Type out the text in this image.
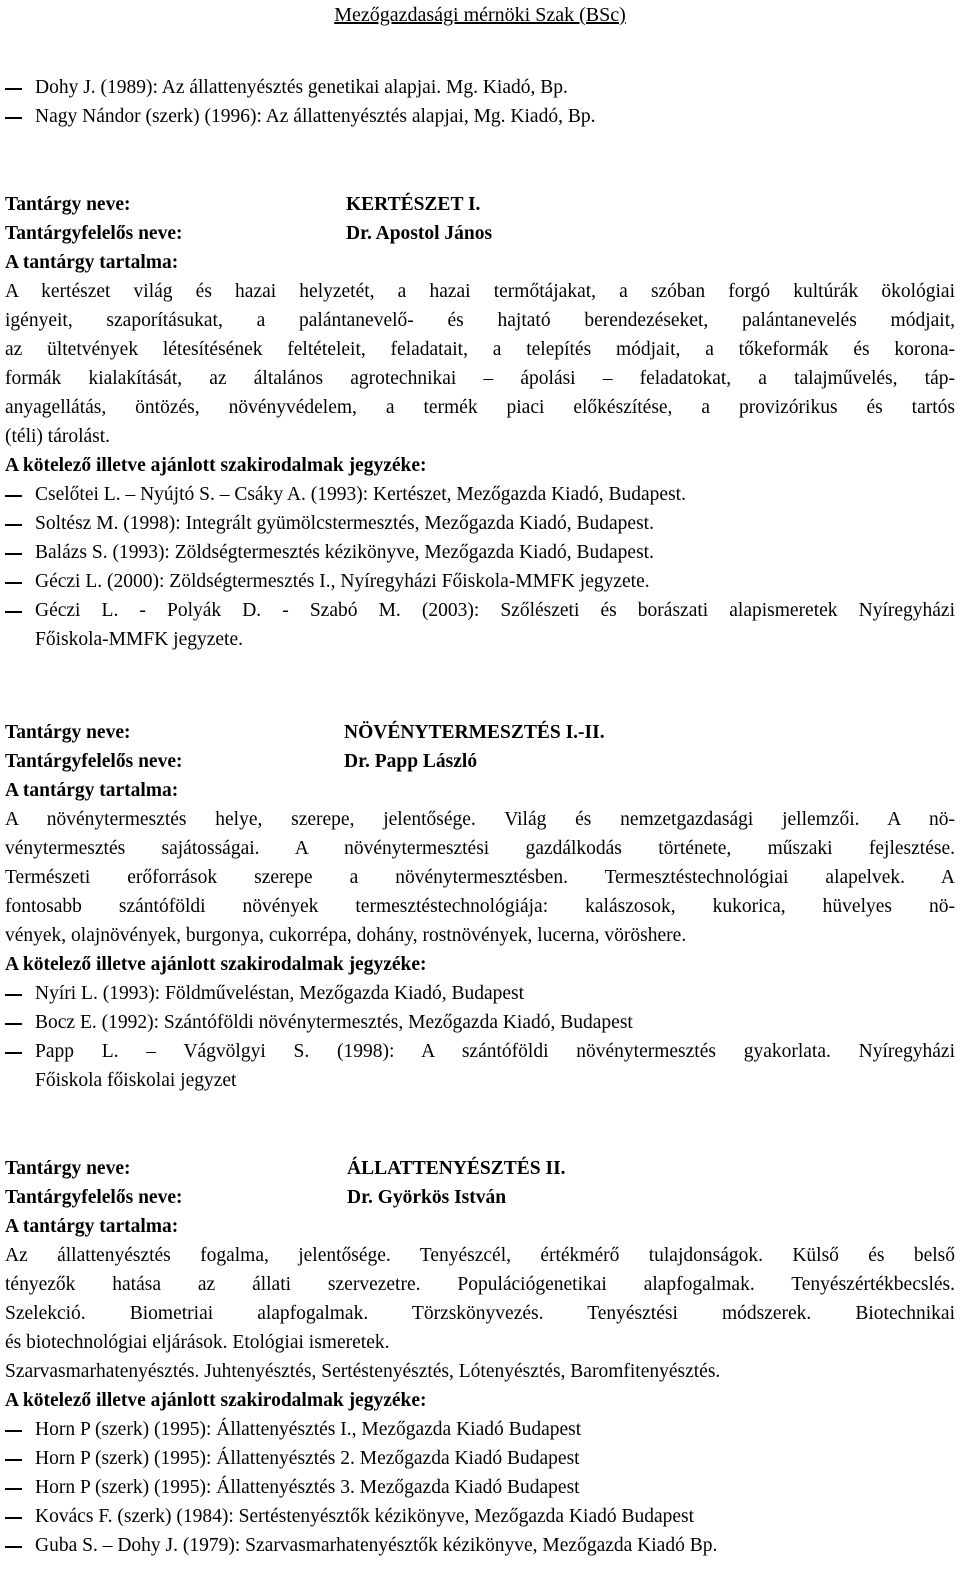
Mezőgazdasági mérnöki Szak (BSc)
Dohy J. (1989): Az állattenyésztés genetikai alapjai. Mg. Kiadó, Bp.
Nagy Nándor (szerk) (1996): Az állattenyésztés alapjai, Mg. Kiadó, Bp.
Tantárgy neve:	KERTÉSZET I.
Tantárgyfelelős neve:	Dr. Apostol János
A tantárgy tartalma:
A kertészet világ és hazai helyzetét, a hazai termőtájakat, a szóban forgó kultúrák ökológiai
igényeit, szaporításukat, a palántanevelő- és hajtató berendezéseket, palántanevelés módjait,
az ültetvények létesítésének feltételeit, feladatait, a telepítés módjait, a tőkeformák és korona-
formák kialakítását, az általános agrotechnikai – ápolási – feladatokat, a talajművelés, táp-
anyagellátás, öntözés, növényvédelem, a termék piaci előkészítése, a provizórikus és tartós
(téli) tárolást.
A kötelező illetve ajánlott szakirodalmak jegyzéke:
Cselőtei L. – Nyújtó S. – Csáky A. (1993): Kertészet, Mezőgazda Kiadó, Budapest.
Soltész M. (1998): Integrált gyümölcstermesztés, Mezőgazda Kiadó, Budapest.
Balázs S. (1993): Zöldségtermesztés kézikönyve, Mezőgazda Kiadó, Budapest.
Géczi L. (2000): Zöldségtermesztés I., Nyíregyházi Főiskola-MMFK jegyzete.
Géczi L. - Polyák D. - Szabó M. (2003): Szőlészeti és borászati alapismeretek Nyíregyházi
Főiskola-MMFK jegyzete.
Tantárgy neve:	NÖVÉNYTERMESZTÉS I.-II.
Tantárgyfelelős neve:	Dr. Papp László
A tantárgy tartalma:
A növénytermesztés helye, szerepe, jelentősége. Világ és nemzetgazdasági jellemzői. A nö-
vénytermesztés sajátosságai. A növénytermesztési gazdálkodás története, műszaki fejlesztése.
Természeti erőforrások szerepe a növénytermesztésben. Termesztéstechnológiai alapelvek. A
fontosabb szántóföldi növények termesztéstechnológiája: kalászosok, kukorica, hüvelyes nö-
vények, olajnövények, burgonya, cukorrépa, dohány, rostnövények, lucerna, vöröshere.
A kötelező illetve ajánlott szakirodalmak jegyzéke:
Nyíri L. (1993): Földműveléstan, Mezőgazda Kiadó, Budapest
Bocz E. (1992): Szántóföldi növénytermesztés, Mezőgazda Kiadó, Budapest
Papp L. – Vágvölgyi S. (1998): A szántóföldi növénytermesztés gyakorlata. Nyíregyházi
Főiskola főiskolai jegyzet
Tantárgy neve:	ÁLLATTENYÉSZTÉS II.
Tantárgyfelelős neve:	Dr. Györkös István
A tantárgy tartalma:
Az állattenyésztés fogalma, jelentősége. Tenyészcél, értékmérő tulajdonságok. Külső és belső
tényezők hatása az állati szervezetre. Populációgenetikai alapfogalmak. Tenyészértékbecslés.
Szelekció. Biometriai alapfogalmak. Törzskönyvezés. Tenyésztési módszerek. Biotechnikai
és biotechnológiai eljárások. Etológiai ismeretek.
Szarvasmarhatenyésztés. Juhtenyésztés, Sertéstenyésztés, Lótenyésztés, Baromfitenyésztés.
A kötelező illetve ajánlott szakirodalmak jegyzéke:
Horn P (szerk) (1995): Állattenyésztés I., Mezőgazda Kiadó Budapest
Horn P (szerk) (1995): Állattenyésztés 2. Mezőgazda Kiadó Budapest
Horn P (szerk) (1995): Állattenyésztés 3. Mezőgazda Kiadó Budapest
Kovács F. (szerk) (1984): Sertéstenyésztők kézikönyve, Mezőgazda Kiadó Budapest
Guba S. – Dohy J. (1979): Szarvasmarhatenyésztők kézikönyve, Mezőgazda Kiadó Bp.
